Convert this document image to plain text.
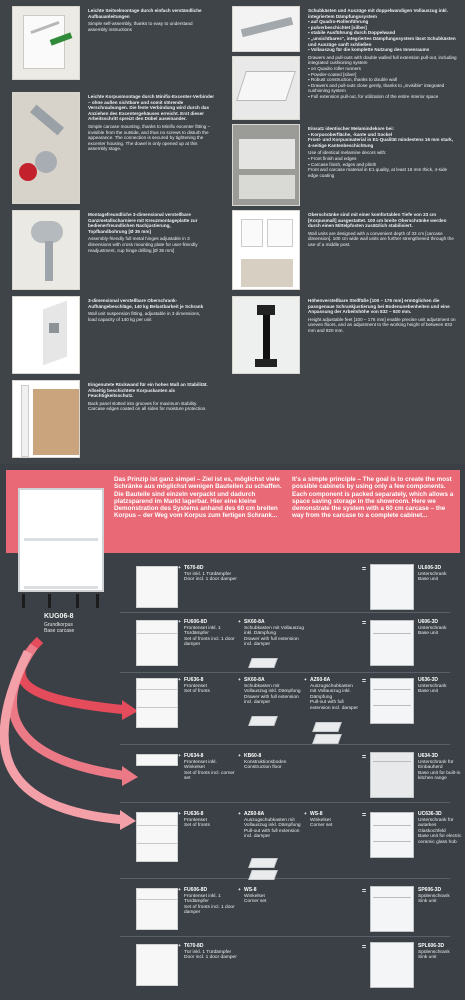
Leichte Seitselmontage durch einfach verständliche Aufbauanleitungen
Simple self-assembly, thanks to easy to understand assembly instructions
Leichte Korpusmontage durch Minifix-Excenter-Verbinder – ohne außen sichtbare und somit störende Verschraubungen. Die feste Verbindung wird durch das Anziehen des Excentergehäuses erreicht. Erst dieser Arbeitsschritt spreizt den Dübel auseinander.
Simple carcase mounting, thanks to Minifix excenter fitting – invisible from the outside, and thus no screws to disturb the appearance. The connection is secured by tightening the excenter housing. The dowel is only opened up at this assembly stage.
Montagefreundliche 3-dimensional verstellbare Ganzmetallscharniere mit Kreuzmontageplatte zur bedienerfreundlichen Nachjustierung, Topfbandbohrung [Ø 35 mm]
Assembly-friendly full metal hinges adjustable in 3 dimensions with cross mounting plate for user-friendly readjustment, cup hinge drilling [Ø 35 mm]
3-dimensional verstellbare Oberschrank-Aufhängebeschläge, 140 kg Belastbarkeit je Schrank
Wall unit suspension fitting, adjustable in 3 dimensions, load capacity of 140 kg per unit
Eingenutete Rückwand für ein hohes Maß an Stabilität. Allseitig beschichtete Korpuskanten als Feuchtigkeitsschutz.
Back panel slotted into grooves for maximum stability. Carcase edges coated on all sides for moisture protection.
Schubkästen und Auszüge mit doppelwandigen Vollauszug inkl. integriertem Dämpfungssystem
▪ auf Quadro-Rollenführung
▪ pulverbeschichtet [silber]
▪ stabile Ausführung durch Doppelwand
▪ „unsichtbares“, integriertes Dämpfungssystem lässt Schubkästen und Auszüge sanft schließen
▪ Vollauszug für die komplette Nutzung des Innenraums
Drawers and pull-outs with double walled full extension pull-out, including integrated cushioning system
▪ on Quadro roller runners
▪ Powder-coated [silver]
▪ Robust construction, thanks to double wall
▪ Drawers and pull-outs close gently, thanks to „invisible“ integrated cushioning system
▪ Full extension pull-out, for utilization of the entire interior space
Einsatz identischer Melamindekore bei:
▪ Korpusoberfläche, -kante und Sockel
Front- und Korpusmaterial in E1-Qualität mindestens 16 mm stark, 4-seitige Kantenbeschichtung
Use of identical melamine decors with:
▪ Front finish and edges
▪ Carcase finish, edges and plinth
Front and carcase material in E1 quality, at least 16 mm thick, 4-side edge coating
Oberschränke sind mit einer komfortablen Tiefe von 33 cm [Korpusmaß] ausgestattet. 100 cm breite Oberschränke werden durch einen Mittelpfosten zusätzlich stabilisiert.
Wall units are designed with a convenient depth of 33 cm [carcase dimension]. 100 cm wide wall units are further strengthened through the use of a middle post.
Höhenverstellbare Stellfüße [100 – 176 mm] ermöglichen die passgenaue Schrankjustierung bei Bodenunebenheiten und eine Anpassung der Arbeitshöhe von 832 – 920 mm.
Height adjustable feet [100 – 176 mm] enable precise unit adjustment on uneven floors, and an adjustment to the working height of between 832 mm and 920 mm.
Das Prinzip ist ganz simpel – Ziel ist es, möglichst viele Schränke aus möglichst wenigen Bauteilen zu schaffen. Die Bauteile sind einzeln verpackt und dadurch platzsparend im Markt lagerbar. Hier eine kleine Demonstration des Systems anhand des 60 cm breiten Korpus – der Weg vom Korpus zum fertigen Schrank...
It's a simple principle – The goal is to create the most possible cabinets by using only a few components. Each component is packed separately, which allows a space saving storage in the showroom. Here we demonstrate the system with a 60 cm carcase – the way from the carcase to a complete cabinet...
KUG06-8
Grundkorpus
Base carcase
+ T670-8D
Tür inkl. 1 Türdämpfer
Door incl. 1 door damper
=	UL606-3D
Unterschrank
Base unit
+ FU606-8D
Frontenset inkl. 1 Türdämpfer
Set of fronts incl. 1 door damper
+ SK60-8A
Schubkasten mit Vollauszug inkl. Dämpfung
Drawer with full extension incl. damper
=	U606-3D
Unterschrank
Base unit
+ FU636-8
Frontenset
Set of fronts
+ SK60-8A
Schubkasten mit Vollauszug inkl. Dämpfung
Drawer with full extension incl. damper
+ AZ60-8A
Auszugschubkasten mit Vollauszug inkl. Dämpfung
Pull-out with full extension incl. damper
=	U636-3D
Unterschrank
Base unit
+ FU634-8
Frontenset inkl. Winkelset
Set of fronts incl. corner set
+ KB60-8
Konstruktionsboden
Construction floor
=	U634-3D
Unterschrank für Einbauherd
Base unit for built-in kitchen range
+ FU636-8
Frontenset
Set of fronts
+ AZ60-8A
Auszugschubkasten mit Vollauszug inkl. Dämpfung
Pull-out with full extension incl. damper
+ WS-8
Winkelset
Corner set
=	UC636-3D
Unterschrank für autarkes Glaskochfeld
Base unit for electric ceramic glass hob
+ FU606-8D
Frontenset inkl. 1 Türdämpfer
Set of fronts incl. 1 door damper
+ WS-8
Winkelset
Corner set
=	SP606-3D
Spülenschrank
Sink unit
+ T670-8D
Tür inkl. 1 Türdämpfer
Door incl. 1 door damper
=	SPL606-3D
Spülenschrank
Sink unit
